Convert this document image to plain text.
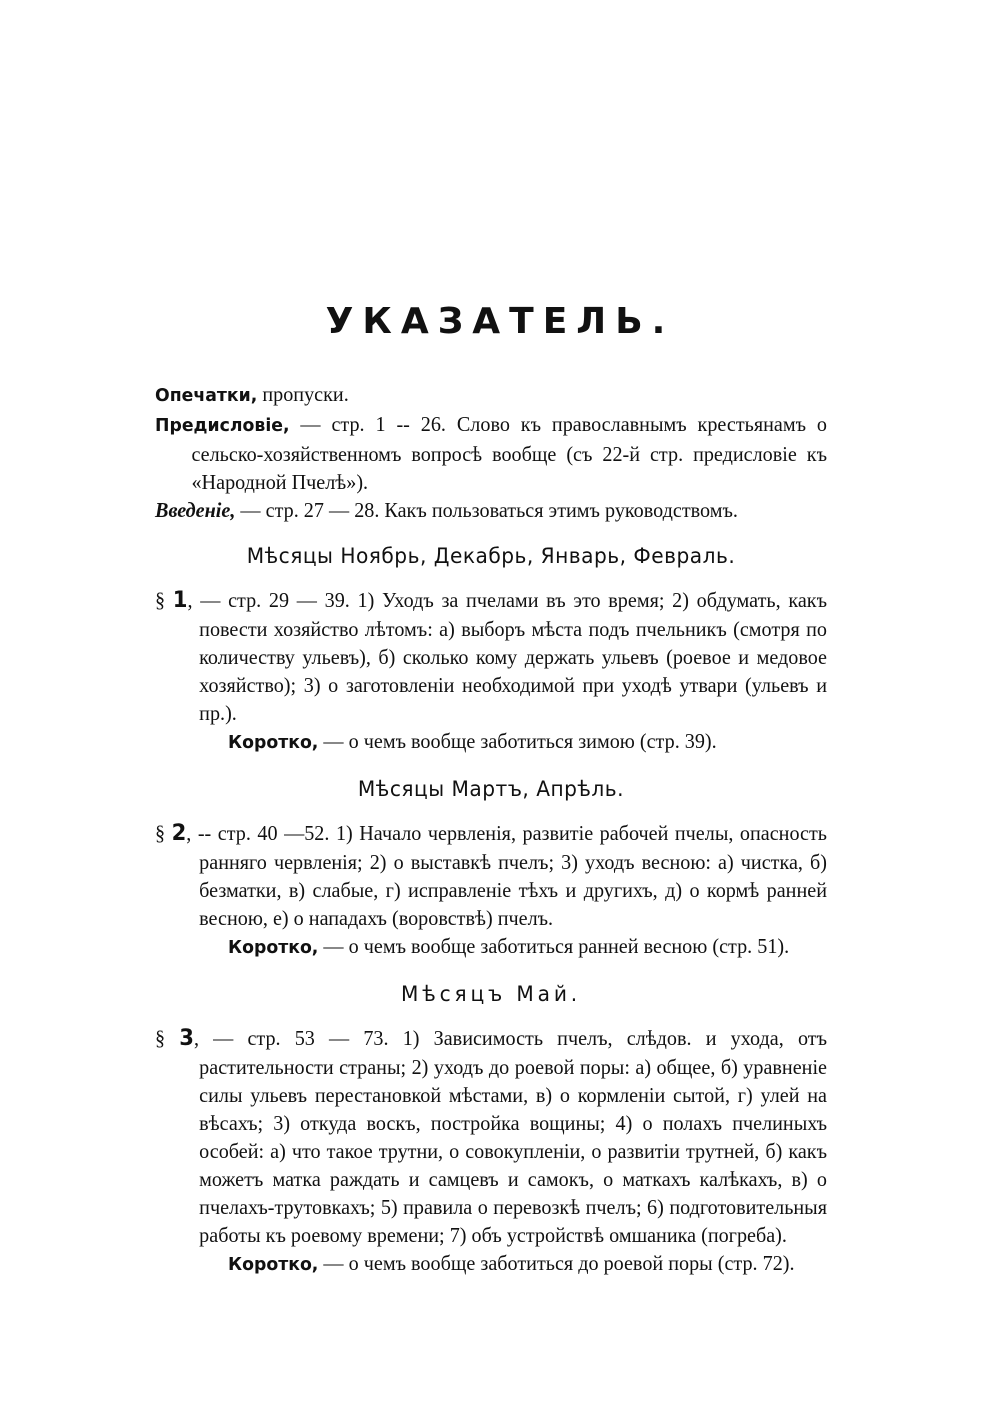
УКАЗАТЕЛЬ.

Опечатки, пропуски.

Предисловіе, — стр. 1 -- 26. Слово къ православнымъ крестьянамъ о сельско-хозяйственномъ вопросѣ вообще (съ 22-й стр. предисловіе къ «Народной Пчелѣ»).

Введеніе, — стр. 27 — 28. Какъ пользоваться этимъ руководствомъ.

Мѣсяцы Ноябрь, Декабрь, Январь, Февраль.

§ 1, — стр. 29 — 39. 1) Уходъ за пчелами въ это время; 2) обдумать, какъ повести хозяйство лѣтомъ: а) выборъ мѣста подъ пчельникъ (смотря по количеству ульевъ), б) сколько кому держать ульевъ (роевое и медовое хозяйство); 3) о заготовленіи необходимой при уходѣ утвари (ульевъ и пр.).

Коротко, — о чемъ вообще заботиться зимою (стр. 39).

Мѣсяцы Мартъ, Апрѣль.

§ 2, -- стр. 40 —52. 1) Начало червленія, развитіе рабочей пчелы, опасность ранняго червленія; 2) о выставкѣ пчелъ; 3) уходъ весною: а) чистка, б) безматки, в) слабые, г) исправленіе тѣхъ и другихъ, д) о кормѣ ранней весною, е) о нападахъ (воровствѣ) пчелъ.

Коротко, — о чемъ вообще заботиться ранней весною (стр. 51).

Мѣсяцъ Май.

§ 3, — стр. 53 — 73. 1) Зависимость пчелъ, слѣдов. и ухода, отъ растительности страны; 2) уходъ до роевой поры: а) общее, б) уравненіе силы ульевъ перестановкой мѣстами, в) о кормленіи сытой, г) улей на вѣсахъ; 3) откуда воскъ, постройка вощины; 4) о полахъ пчелиныхъ особей: а) что такое трутни, о совокупленіи, о развитіи трутней, б) какъ можетъ матка раждать и самцевъ и самокъ, о маткахъ калѣкахъ, в) о пчелахъ-трутовкахъ; 5) правила о перевозкѣ пчелъ; 6) подготовительныя работы къ роевому времени; 7) объ устройствѣ омшаника (погреба).

Коротко, — о чемъ вообще заботиться до роевой поры (стр. 72).
